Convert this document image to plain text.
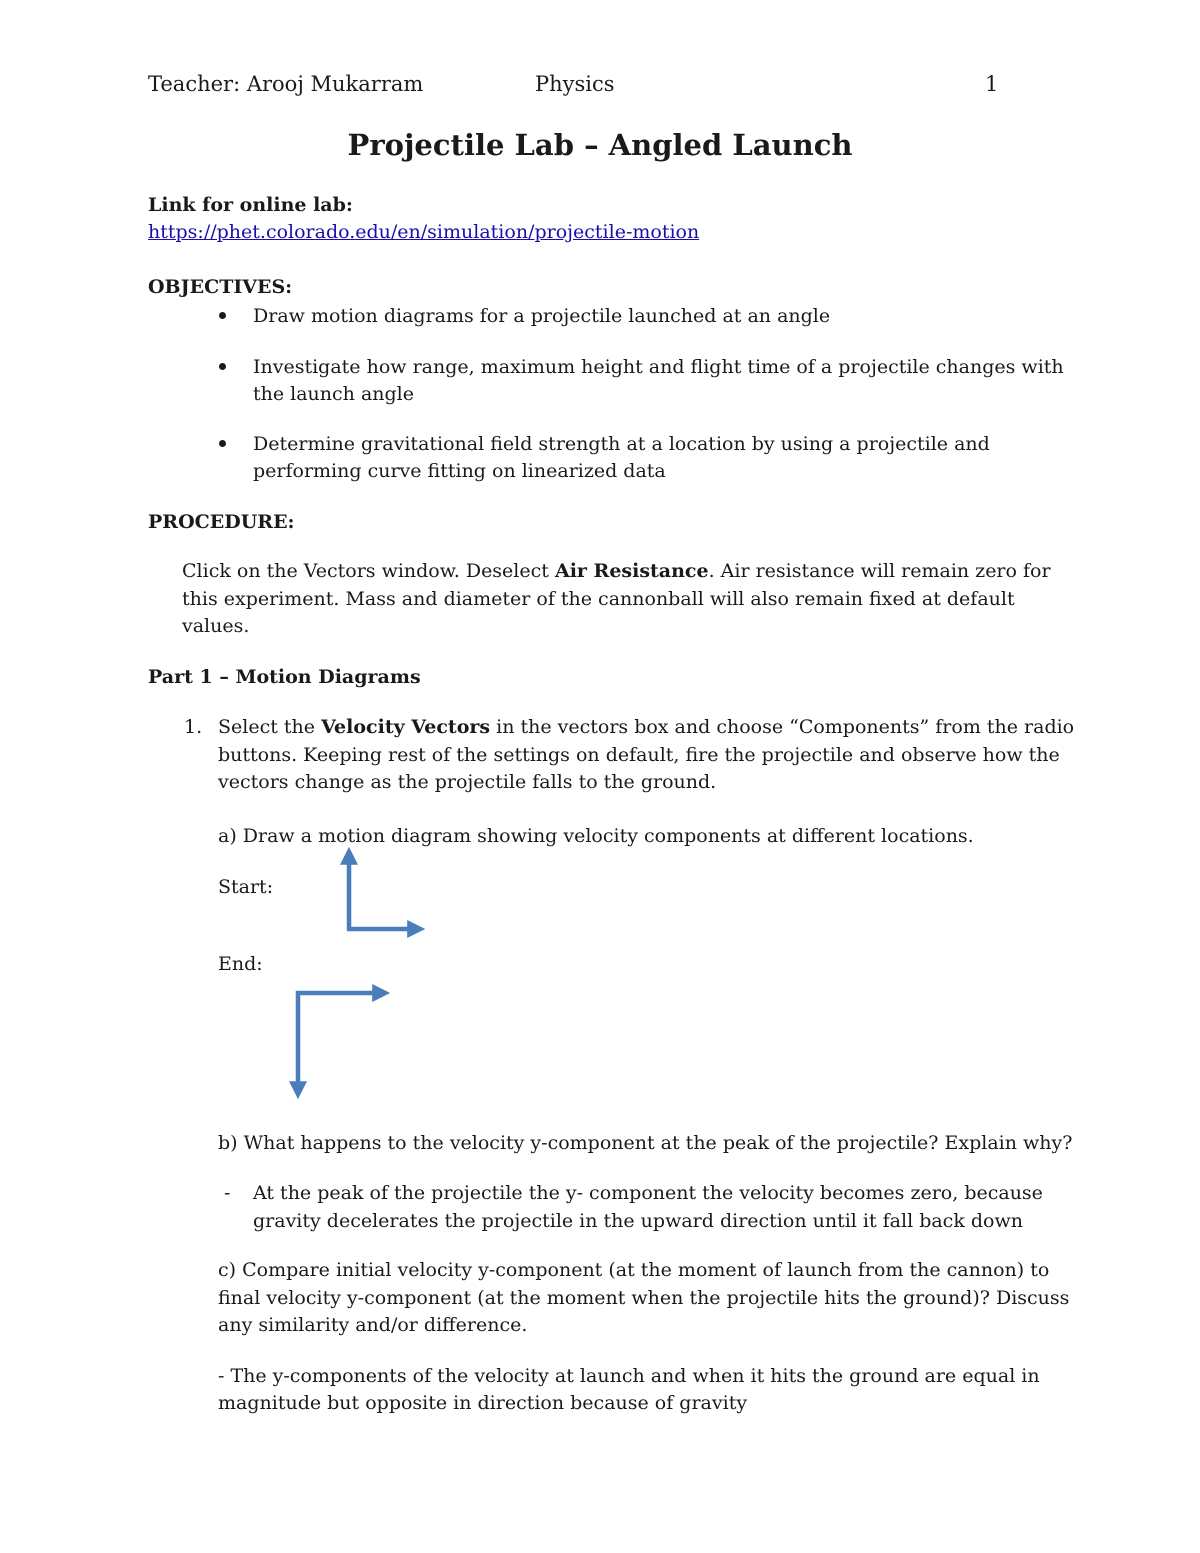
Teacher: Arooj Mukarram	Physics	1
Projectile Lab – Angled Launch
Link for online lab:
https://phet.colorado.edu/en/simulation/projectile-motion
OBJECTIVES:
Draw motion diagrams for a projectile launched at an angle
Investigate how range, maximum height and flight time of a projectile changes with
the launch angle
Determine gravitational field strength at a location by using a projectile and
performing curve fitting on linearized data
PROCEDURE:
Click on the Vectors window. Deselect Air Resistance. Air resistance will remain zero for
this experiment. Mass and diameter of the cannonball will also remain fixed at default
values.
Part 1 – Motion Diagrams
1. Select the Velocity Vectors in the vectors box and choose “Components” from the radio
buttons. Keeping rest of the settings on default, fire the projectile and observe how the
vectors change as the projectile falls to the ground.
a) Draw a motion diagram showing velocity components at different locations.
Start:
End:
b) What happens to the velocity y-component at the peak of the projectile? Explain why?
- At the peak of the projectile the y- component the velocity becomes zero, because
gravity decelerates the projectile in the upward direction until it fall back down
c) Compare initial velocity y-component (at the moment of launch from the cannon) to
final velocity y-component (at the moment when the projectile hits the ground)? Discuss
any similarity and/or difference.
- The y-components of the velocity at launch and when it hits the ground are equal in
magnitude but opposite in direction because of gravity
